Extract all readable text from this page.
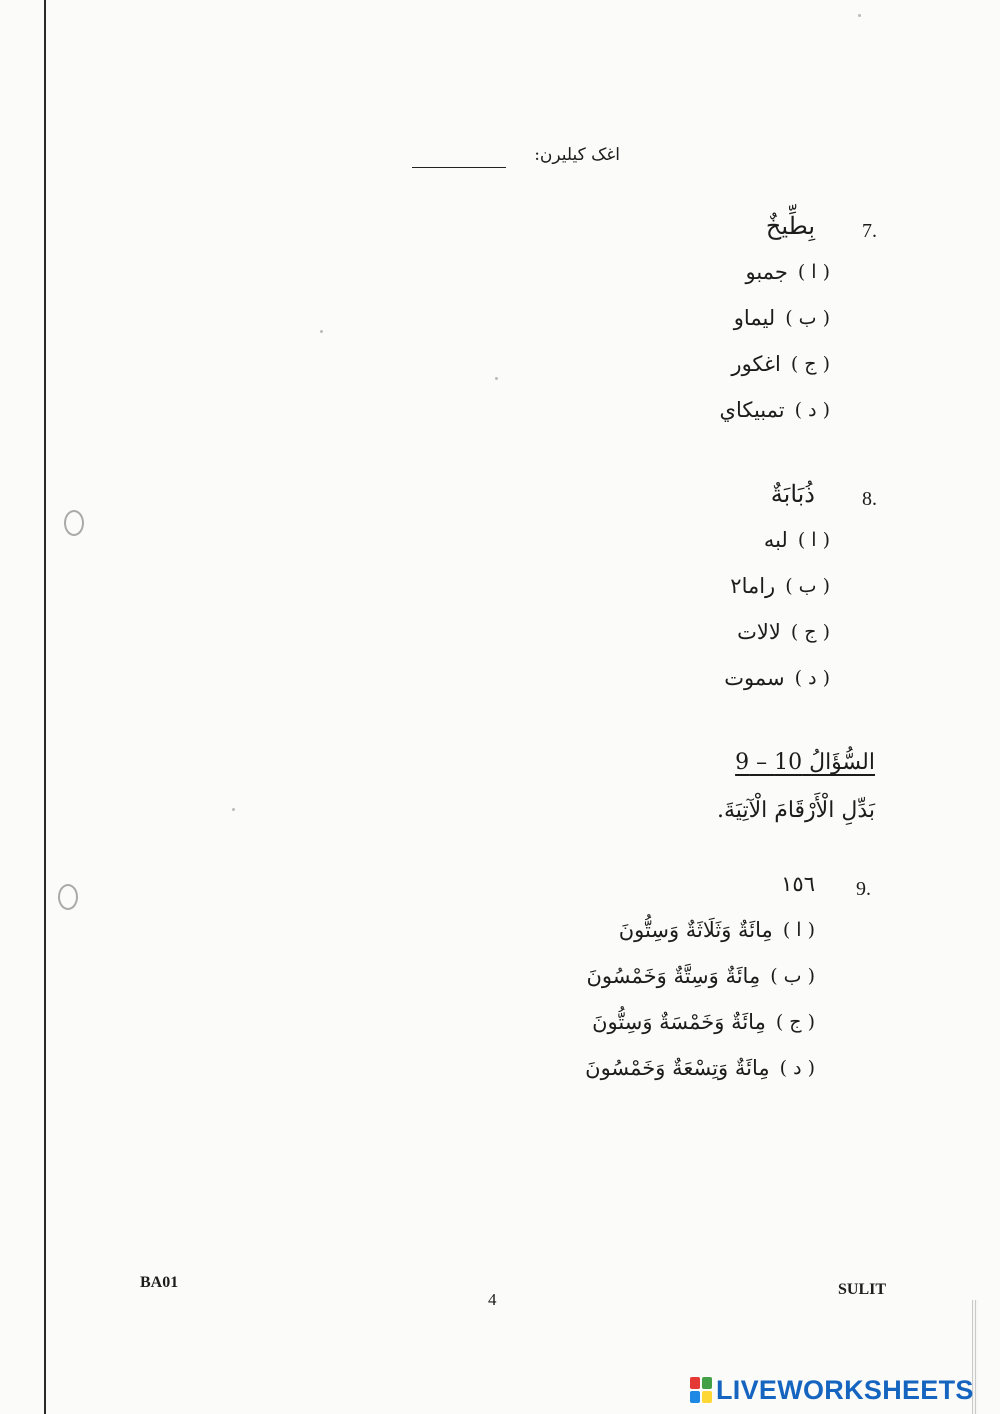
اغک کيليرن:
7.
بِطِّيخٌ
( ا )
جمبو
( ب )
ليماو
( ج )
اغکور
( د )
تمبيکاي
8.
ذُبَابَةٌ
( ا )
لبه
( ب )
راما٢
( ج )
لالات
( د )
سموت
السُّؤَالُ 10 – 9
بَدِّلِ الْأَرْقَامَ الْآتِيَةَ.
9.
١٥٦
( ا )
مِائَةٌ وَثَلَاثَةٌ وَسِتُّونَ
( ب )
مِائَةٌ وَسِتَّةٌ وَخَمْسُونَ
( ج )
مِائَةٌ وَخَمْسَةٌ وَسِتُّونَ
( د )
مِائَةٌ وَتِسْعَةٌ وَخَمْسُونَ
BA01
4
SULIT
LIVEWORKSHEETS
